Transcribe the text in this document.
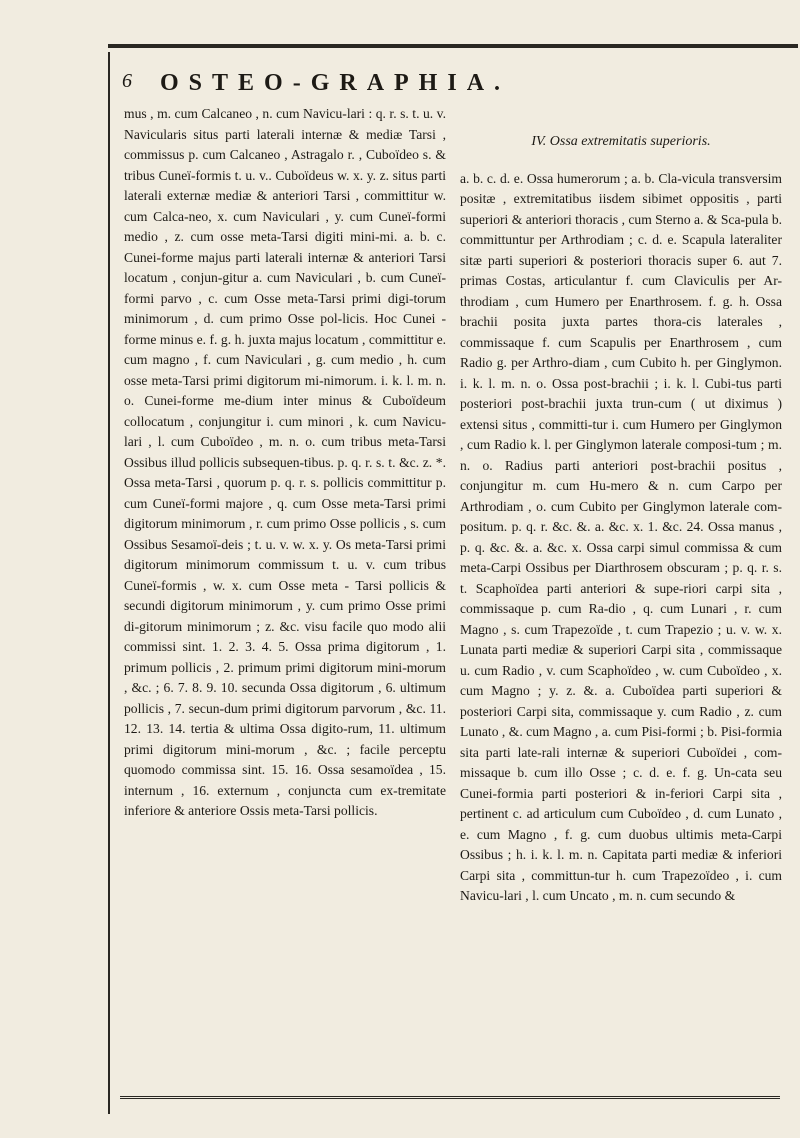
6 OSTEO-GRAPHIA.

mus , m. cum Calcaneo , n. cum Navicu-lari : q. r. s. t. u. v. Navicularis situs parti laterali internæ & mediæ Tarsi , commissus p. cum Calcaneo , Astragalo r. , Cuboïdeo s. & tribus Cuneï-formis t. u. v.. Cuboïdeus w. x. y. z. situs parti laterali externæ mediæ & anteriori Tarsi , committitur w. cum Calca-neo, x. cum Naviculari , y. cum Cuneï-formi medio , z. cum osse meta-Tarsi digiti mini-mi. a. b. c. Cunei-forme majus parti laterali internæ & anteriori Tarsi locatum , conjun-gitur a. cum Naviculari , b. cum Cuneï-formi parvo , c. cum Osse meta-Tarsi primi digi-torum minimorum , d. cum primo Osse pol-licis. Hoc Cunei - forme minus e. f. g. h. juxta majus locatum , committitur e. cum magno , f. cum Naviculari , g. cum medio , h. cum osse meta-Tarsi primi digitorum mi-nimorum. i. k. l. m. n. o. Cunei-forme me-dium inter minus & Cuboïdeum collocatum , conjungitur i. cum minori , k. cum Navicu-lari , l. cum Cuboïdeo , m. n. o. cum tribus meta-Tarsi Ossibus illud pollicis subsequen-tibus. p. q. r. s. t. &c. z. *. Ossa meta-Tarsi , quorum p. q. r. s. pollicis committitur p. cum Cuneï-formi majore , q. cum Osse meta-Tarsi primi digitorum minimorum , r. cum primo Osse pollicis , s. cum Ossibus Sesamoï-deis ; t. u. v. w. x. y. Os meta-Tarsi primi digitorum minimorum commissum t. u. v. cum tribus Cuneï-formis , w. x. cum Osse meta - Tarsi pollicis & secundi digitorum minimorum , y. cum primo Osse primi di-gitorum minimorum ; z. &c. visu facile quo modo alii commissi sint. 1. 2. 3. 4. 5. Ossa prima digitorum , 1. primum pollicis , 2. primum primi digitorum mini-morum , &c. ; 6. 7. 8. 9. 10. secunda Ossa digitorum , 6. ultimum pollicis , 7. secun-dum primi digitorum parvorum , &c. 11. 12. 13. 14. tertia & ultima Ossa digito-rum, 11. ultimum primi digitorum mini-morum , &c. ; facile perceptu quomodo commissa sint. 15. 16. Ossa sesamoïdea , 15. internum , 16. externum , conjuncta cum ex-tremitate inferiore & anteriore Ossis meta-Tarsi pollicis.

IV. Ossa extremitatis superioris.

a. b. c. d. e. Ossa humerorum ; a. b. Cla-vicula transversim positæ , extremitatibus iisdem sibimet oppositis , parti superiori & anteriori thoracis , cum Sterno a. & Sca-pula b. committuntur per Arthrodiam ; c. d. e. Scapula lateraliter sitæ parti superiori & posteriori thoracis super 6. aut 7. primas Costas, articulantur f. cum Claviculis per Ar-throdiam , cum Humero per Enarthrosem. f. g. h. Ossa brachii posita juxta partes thora-cis laterales , commissaque f. cum Scapulis per Enarthrosem , cum Radio g. per Arthro-diam , cum Cubito h. per Ginglymon. i. k. l. m. n. o. Ossa post-brachii ; i. k. l. Cubi-tus parti posteriori post-brachii juxta trun-cum ( ut diximus ) extensi situs , committi-tur i. cum Humero per Ginglymon , cum Radio k. l. per Ginglymon laterale composi-tum ; m. n. o. Radius parti anteriori post-brachii positus , conjungitur m. cum Hu-mero & n. cum Carpo per Arthrodiam , o. cum Cubito per Ginglymon laterale com-positum. p. q. r. &c. &. a. &c. x. 1. &c. 24. Ossa manus , p. q. &c. &. a. &c. x. Ossa carpi simul commissa & cum meta-Carpi Ossibus per Diarthrosem obscuram ; p. q. r. s. t. Scaphoïdea parti anteriori & supe-riori carpi sita , commissaque p. cum Ra-dio , q. cum Lunari , r. cum Magno , s. cum Trapezoïde , t. cum Trapezio ; u. v. w. x. Lunata parti mediæ & superiori Carpi sita , commissaque u. cum Radio , v. cum Scaphoïdeo , w. cum Cuboïdeo , x. cum Magno ; y. z. &. a. Cuboïdea parti superiori & posteriori Carpi sita, commissaque y. cum Radio , z. cum Lunato , &. cum Magno , a. cum Pisi-formi ; b. Pisi-formia sita parti late-rali internæ & superiori Cuboïdei , com-missaque b. cum illo Osse ; c. d. e. f. g. Un-cata seu Cunei-formia parti posteriori & in-feriori Carpi sita , pertinent c. ad articulum cum Cuboïdeo , d. cum Lunato , e. cum Magno , f. g. cum duobus ultimis meta-Carpi Ossibus ; h. i. k. l. m. n. Capitata parti mediæ & inferiori Carpi sita , committun-tur h. cum Trapezoïdeo , i. cum Navicu-lari , l. cum Uncato , m. n. cum secundo &
